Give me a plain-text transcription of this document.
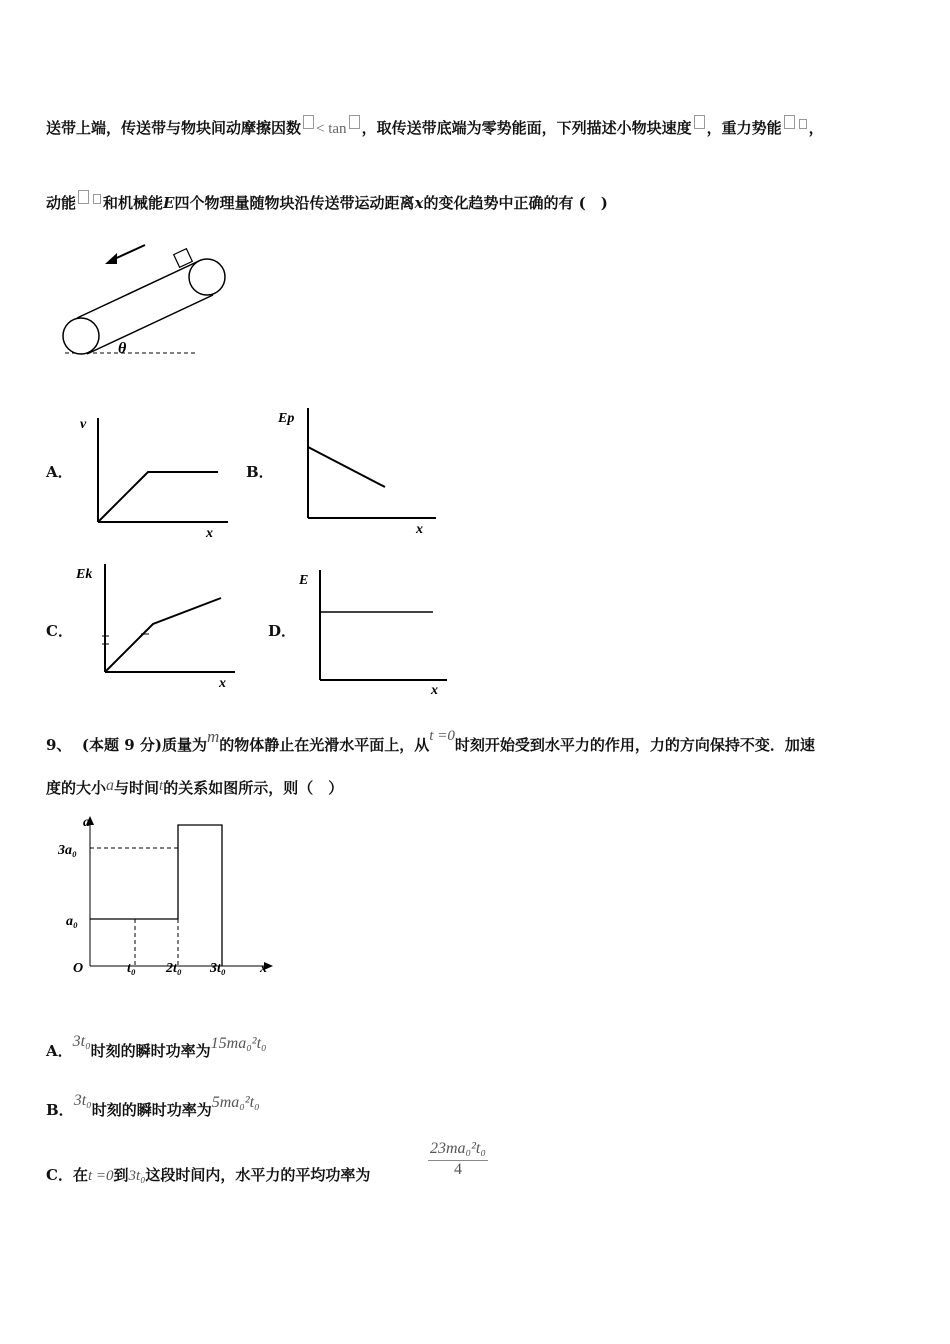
送带上端，传送带与物块间动摩擦因数 < tan ，取传送带底端为零势能面，下列描述小物块速度 ，重力势能 ，
动能 和机械能E四个物理量随物块沿传送带运动距离x的变化趋势中正确的有 (　)
θ
A．
v
x
B．
Ep
x
C．
Ek
x
D．
E
x
9、 (本题 9 分)质量为m的物体静止在光滑水平面上，从t =0时刻开始受到水平力的作用，力的方向保持不变．加速
度的大小a与时间t的关系如图所示，则（　）
a
x
O	t₀ 2t₀ 3t₀
a₀
3a₀
A．3t₀时刻的瞬时功率为15ma₀²t₀
B．3t₀时刻的瞬时功率为5ma₀²t₀
C．在t =0到3t₀这段时间内，水平力的平均功率为	$\frac{\text{23ma₀²t₀}}{4}$
